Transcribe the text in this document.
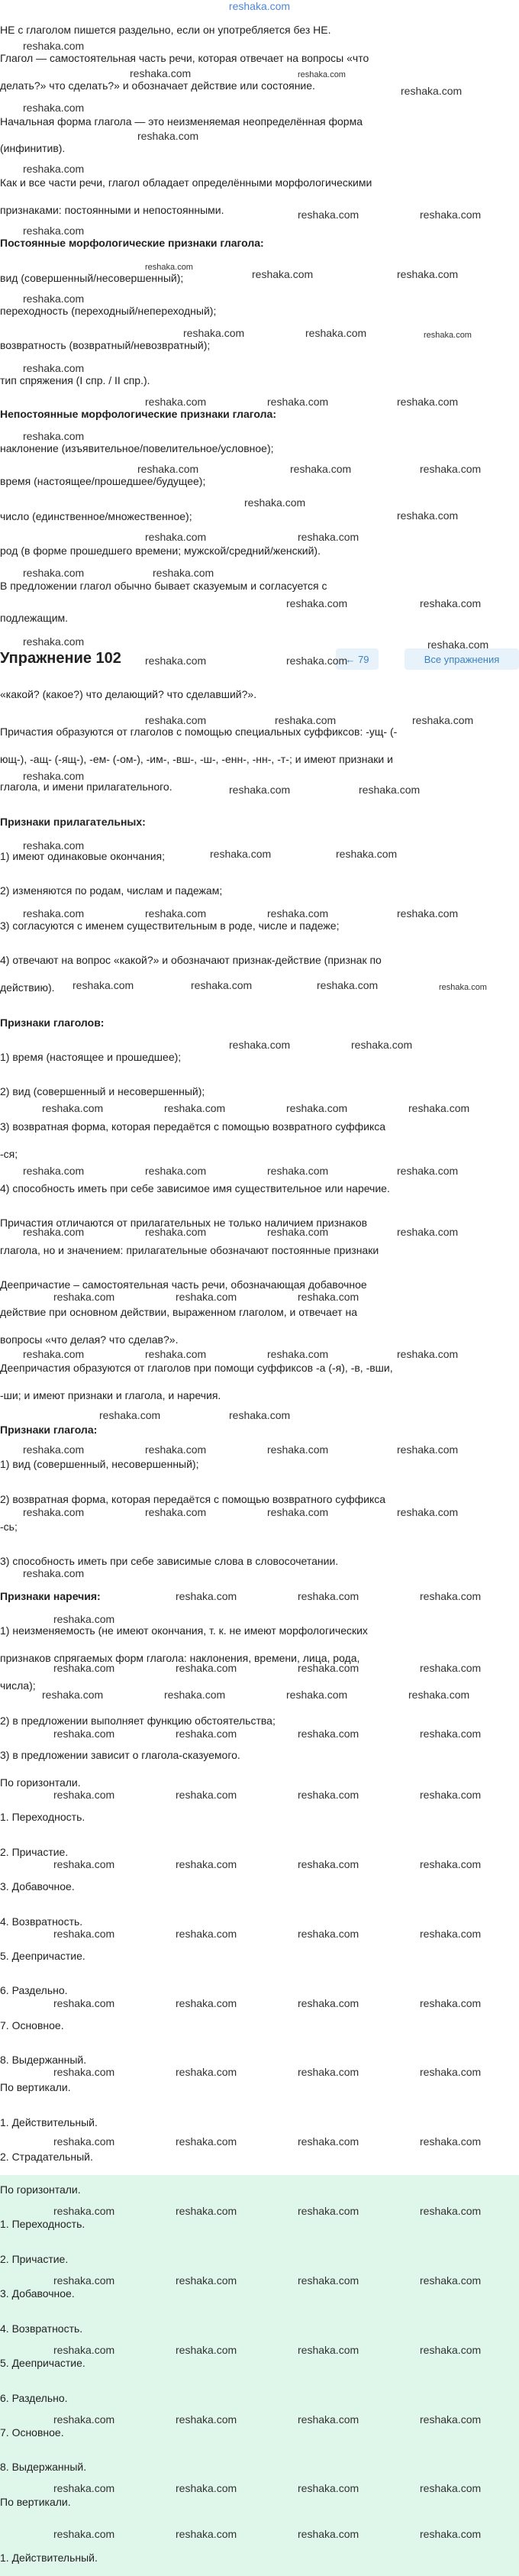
reshaka.com
НЕ с глаголом пишется раздельно, если он употребляется без НЕ.
Глагол — самостоятельная часть речи, которая отвечает на вопросы «что
делать?» что сделать?» и обозначает действие или состояние.
Начальная форма глагола — это неизменяемая неопределённая форма
(инфинитив).
Как и все части речи, глагол обладает определёнными морфологическими
признаками: постоянными и непостоянными.
Постоянные морфологические признаки глагола:
вид (совершенный/несовершенный);
переходность (переходный/непереходный);
возвратность (возвратный/невозвратный);
тип спряжения (I спр. / II спр.).
Непостоянные морфологические признаки глагола:
наклонение (изъявительное/повелительное/условное);
время (настоящее/прошедшее/будущее);
число (единственное/множественное);
род (в форме прошедшего времени; мужской/средний/женский).
В предложении глагол обычно бывает сказуемым и согласуется с
подлежащим.
Упражнение 102	← 79	Все упражнения
«какой? (какое?) что делающий? что сделавший?».
Причастия образуются от глаголов с помощью специальных суффиксов: -ущ- (-
ющ-), -ащ- (-ящ-), -ем- (-ом-), -им-, -вш-, -ш-, -енн-, -нн-, -т-; и имеют признаки и
глагола, и имени прилагательного.
Признаки прилагательных:
1) имеют одинаковые окончания;
2) изменяются по родам, числам и падежам;
3) согласуются с именем существительным в роде, числе и падеже;
4) отвечают на вопрос «какой?» и обозначают признак-действие (признак по
действию).
Признаки глаголов:
1) время (настоящее и прошедшее);
2) вид (совершенный и несовершенный);
3) возвратная форма, которая передаётся с помощью возвратного суффикса
-ся;
4) способность иметь при себе зависимое имя существительное или наречие.
Причастия отличаются от прилагательных не только наличием признаков
глагола, но и значением: прилагательные обозначают постоянные признаки
Деепричастие – самостоятельная часть речи, обозначающая добавочное
действие при основном действии, выраженном глаголом, и отвечает на
вопросы «что делая? что сделав?».
Деепричастия образуются от глаголов при помощи суффиксов -а (-я), -в, -вши,
-ши; и имеют признаки и глагола, и наречия.
Признаки глагола:
1) вид (совершенный, несовершенный);
2) возвратная форма, которая передаётся с помощью возвратного суффикса
-сь;
3) способность иметь при себе зависимые слова в словосочетании.
Признаки наречия:
1) неизменяемость (не имеют окончания, т. к. не имеют морфологических
признаков спрягаемых форм глагола: наклонения, времени, лица, рода,
числа);
2) в предложении выполняет функцию обстоятельства;
3) в предложении зависит о глагола-сказуемого.
По горизонтали.
1. Переходность.
2. Причастие.
3. Добавочное.
4. Возвратность.
5. Деепричастие.
6. Раздельно.
7. Основное.
8. Выдержанный.
По вертикали.
1. Действительный.
2. Страдательный.
По горизонтали.
1. Переходность.
2. Причастие.
3. Добавочное.
4. Возвратность.
5. Деепричастие.
6. Раздельно.
7. Основное.
8. Выдержанный.
По вертикали.
1. Действительный.
reshaka.com
reshaka.com	reshaka.com
reshaka.com
reshaka.com
reshaka.com
reshaka.com
reshaka.com	reshaka.com
reshaka.com
reshaka.com
reshaka.com	reshaka.com
reshaka.com
reshaka.com	reshaka.com	reshaka.com
reshaka.com
reshaka.com	reshaka.com	reshaka.com
reshaka.com
reshaka.com	reshaka.com	reshaka.com
reshaka.com
reshaka.com
reshaka.com	reshaka.com
reshaka.com	reshaka.com
reshaka.com	reshaka.com
reshaka.com
reshaka.com	reshaka.com
reshaka.com
reshaka.com	reshaka.com	reshaka.com
reshaka.com
reshaka.com	reshaka.com
reshaka.com
reshaka.com	reshaka.com
reshaka.com	reshaka.com	reshaka.com	reshaka.com
reshaka.com	reshaka.com	reshaka.com	reshaka.com
reshaka.com	reshaka.com
reshaka.com	reshaka.com	reshaka.com	reshaka.com
reshaka.com	reshaka.com	reshaka.com	reshaka.com
reshaka.com	reshaka.com	reshaka.com	reshaka.com
reshaka.com	reshaka.com	reshaka.com
reshaka.com	reshaka.com	reshaka.com	reshaka.com
reshaka.com	reshaka.com
reshaka.com	reshaka.com	reshaka.com	reshaka.com
reshaka.com	reshaka.com	reshaka.com	reshaka.com
reshaka.com
reshaka.com	reshaka.com	reshaka.com
reshaka.com
reshaka.com	reshaka.com	reshaka.com	reshaka.com
reshaka.com	reshaka.com	reshaka.com	reshaka.com
reshaka.com	reshaka.com	reshaka.com	reshaka.com
reshaka.com	reshaka.com	reshaka.com	reshaka.com
reshaka.com	reshaka.com	reshaka.com	reshaka.com
reshaka.com	reshaka.com	reshaka.com	reshaka.com
reshaka.com	reshaka.com	reshaka.com	reshaka.com
reshaka.com	reshaka.com	reshaka.com	reshaka.com
reshaka.com	reshaka.com	reshaka.com	reshaka.com
reshaka.com	reshaka.com	reshaka.com	reshaka.com
reshaka.com	reshaka.com	reshaka.com	reshaka.com
reshaka.com	reshaka.com	reshaka.com	reshaka.com
reshaka.com	reshaka.com	reshaka.com	reshaka.com
reshaka.com	reshaka.com	reshaka.com	reshaka.com
reshaka.com	reshaka.com	reshaka.com	reshaka.com
